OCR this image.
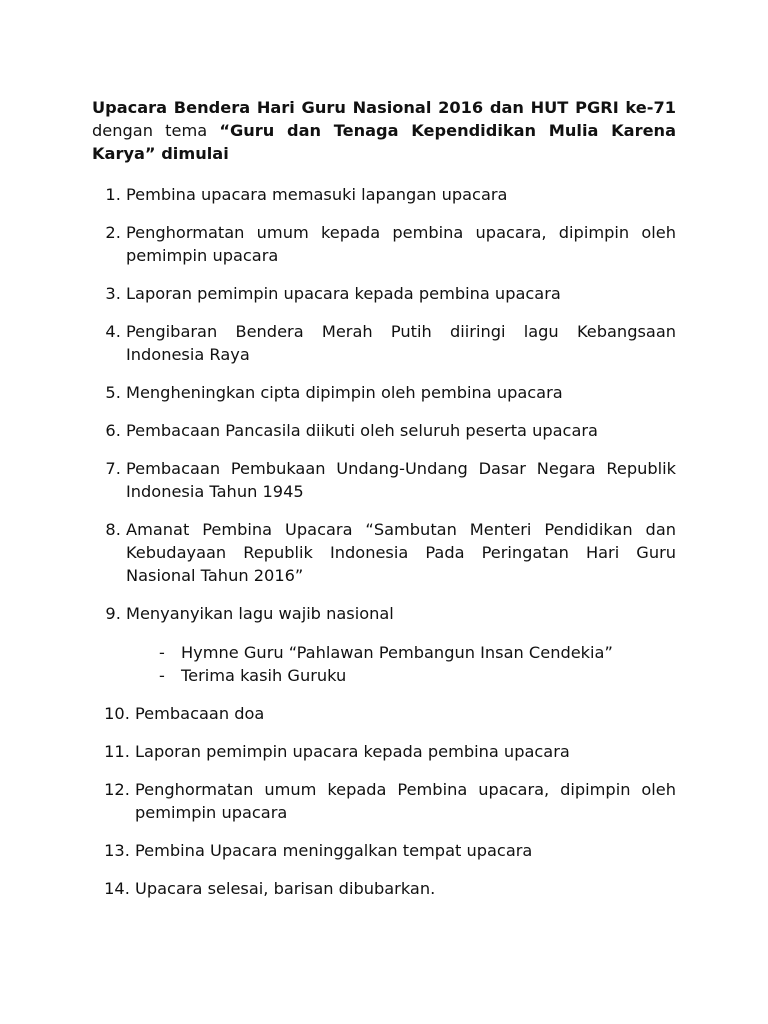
Upacara Bendera Hari Guru Nasional 2016 dan HUT PGRI ke-71 dengan tema “Guru dan Tenaga Kependidikan Mulia Karena Karya” dimulai

1. Pembina upacara memasuki lapangan upacara
2. Penghormatan umum kepada pembina upacara, dipimpin oleh pemimpin upacara
3. Laporan pemimpin upacara kepada pembina upacara
4. Pengibaran Bendera Merah Putih diiringi lagu Kebangsaan Indonesia Raya
5. Mengheningkan cipta dipimpin oleh pembina upacara
6. Pembacaan Pancasila diikuti oleh seluruh peserta upacara
7. Pembacaan Pembukaan Undang-Undang Dasar Negara Republik Indonesia Tahun 1945
8. Amanat Pembina Upacara “Sambutan Menteri Pendidikan dan Kebudayaan Republik Indonesia Pada Peringatan Hari Guru Nasional Tahun 2016”
9. Menyanyikan lagu wajib nasional
- Hymne Guru “Pahlawan Pembangun Insan Cendekia”
- Terima kasih Guruku
10. Pembacaan doa
11. Laporan pemimpin upacara kepada pembina upacara
12. Penghormatan umum kepada Pembina upacara, dipimpin oleh pemimpin upacara
13. Pembina Upacara meninggalkan tempat upacara
14. Upacara selesai, barisan dibubarkan.
